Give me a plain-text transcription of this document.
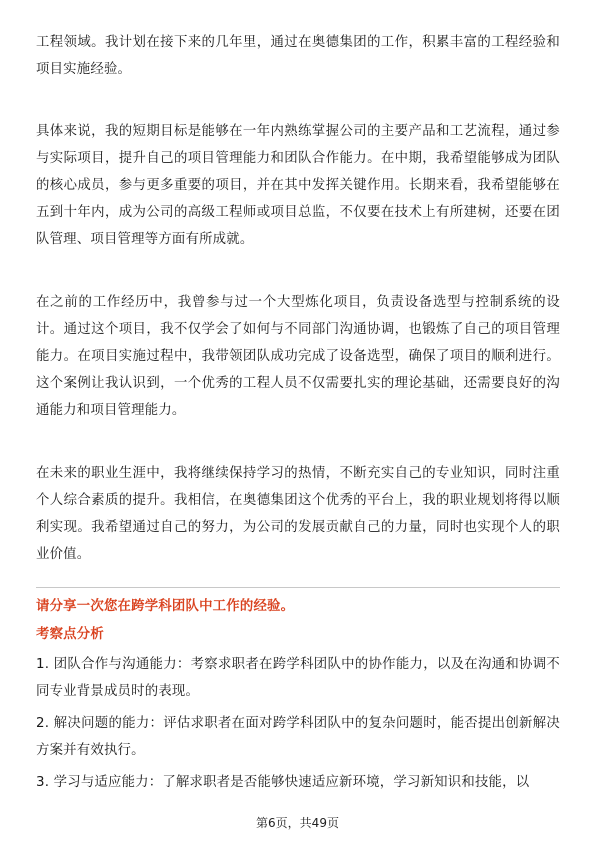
工程领域。我计划在接下来的几年里，通过在奥德集团的工作，积累丰富的工程经验和项目实施经验。
具体来说，我的短期目标是能够在一年内熟练掌握公司的主要产品和工艺流程，通过参与实际项目，提升自己的项目管理能力和团队合作能力。在中期，我希望能够成为团队的核心成员，参与更多重要的项目，并在其中发挥关键作用。长期来看，我希望能够在五到十年内，成为公司的高级工程师或项目总监，不仅要在技术上有所建树，还要在团队管理、项目管理等方面有所成就。
在之前的工作经历中，我曾参与过一个大型炼化项目，负责设备选型与控制系统的设计。通过这个项目，我不仅学会了如何与不同部门沟通协调，也锻炼了自己的项目管理能力。在项目实施过程中，我带领团队成功完成了设备选型，确保了项目的顺利进行。这个案例让我认识到，一个优秀的工程人员不仅需要扎实的理论基础，还需要良好的沟通能力和项目管理能力。
在未来的职业生涯中，我将继续保持学习的热情，不断充实自己的专业知识，同时注重个人综合素质的提升。我相信，在奥德集团这个优秀的平台上，我的职业规划将得以顺利实现。我希望通过自己的努力，为公司的发展贡献自己的力量，同时也实现个人的职业价值。
请分享一次您在跨学科团队中工作的经验。
考察点分析
1. 团队合作与沟通能力：考察求职者在跨学科团队中的协作能力，以及在沟通和协调不同专业背景成员时的表现。
2. 解决问题的能力：评估求职者在面对跨学科团队中的复杂问题时，能否提出创新解决方案并有效执行。
3. 学习与适应能力：了解求职者是否能够快速适应新环境，学习新知识和技能，以
第6页，共49页
